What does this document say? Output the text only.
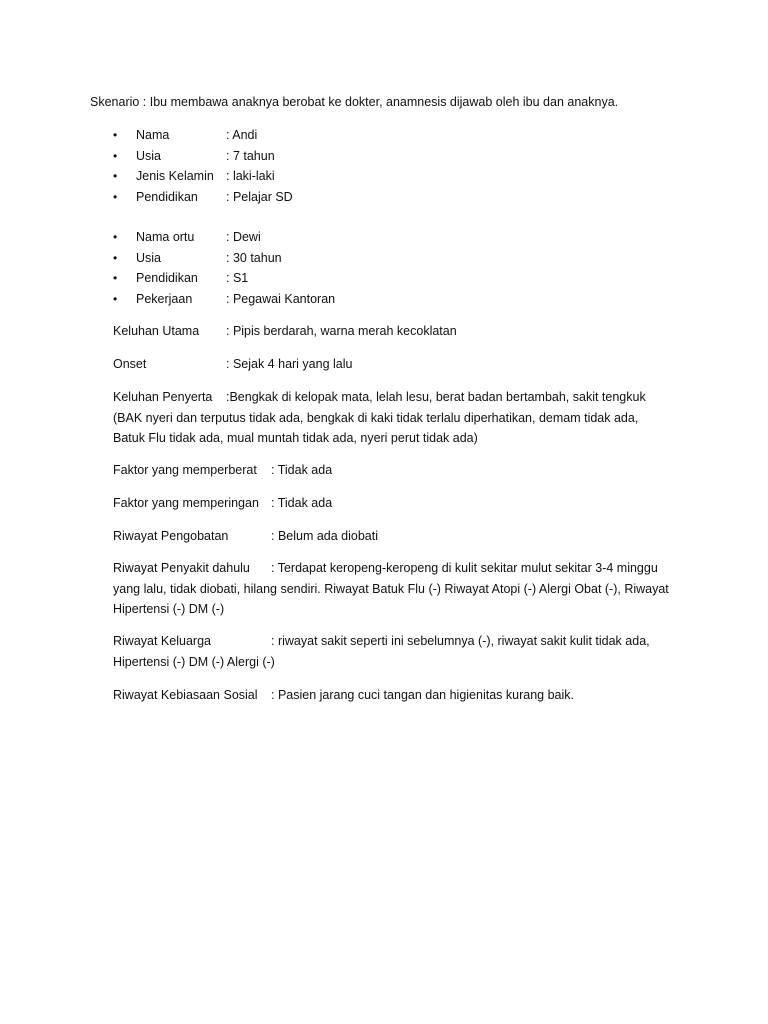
Skenario : Ibu membawa anaknya berobat ke dokter, anamnesis dijawab oleh ibu dan anaknya.
• Nama	: Andi
• Usia	: 7 tahun
• Jenis Kelamin : laki-laki
• Pendidikan : Pelajar SD
• Nama ortu	: Dewi
• Usia	: 30 tahun
• Pendidikan : S1
• Pekerjaan	: Pegawai Kantoran
Keluhan Utama : Pipis berdarah, warna merah kecoklatan
Onset	: Sejak 4 hari yang lalu
Keluhan Penyerta :Bengkak di kelopak mata, lelah lesu, berat badan bertambah, sakit tengkuk
(BAK nyeri dan terputus tidak ada, bengkak di kaki tidak terlalu diperhatikan, demam tidak ada,
Batuk Flu tidak ada, mual muntah tidak ada, nyeri perut tidak ada)
Faktor yang memperberat : Tidak ada
Faktor yang memperingan : Tidak ada
Riwayat Pengobatan	: Belum ada diobati
Riwayat Penyakit dahulu : Terdapat keropeng-keropeng di kulit sekitar mulut sekitar 3-4 minggu
yang lalu, tidak diobati, hilang sendiri. Riwayat Batuk Flu (-) Riwayat Atopi (-) Alergi Obat (-), Riwayat
Hipertensi (-) DM (-)
Riwayat Keluarga	: riwayat sakit seperti ini sebelumnya (-), riwayat sakit kulit tidak ada,
Hipertensi (-) DM (-) Alergi (-)
Riwayat Kebiasaan Sosial : Pasien jarang cuci tangan dan higienitas kurang baik.
